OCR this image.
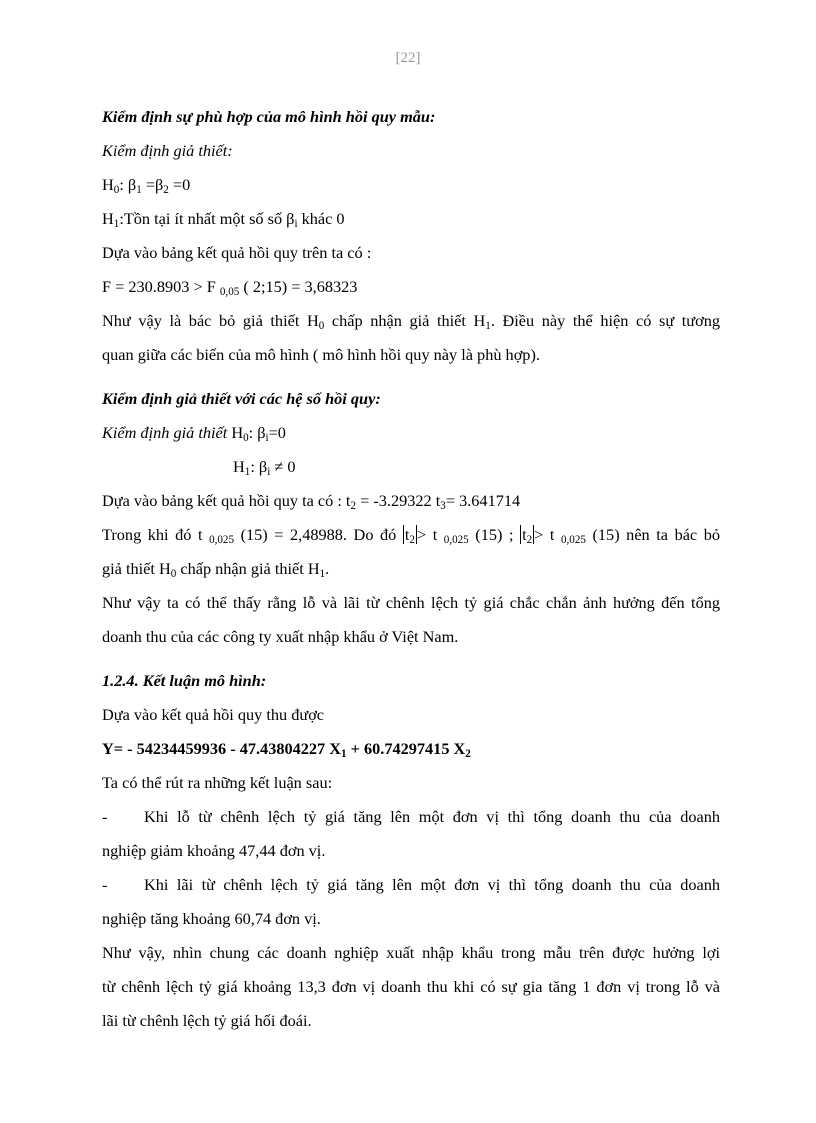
[22]
Kiểm định sự phù hợp của mô hình hồi quy mẫu:
Kiểm định giả thiết:
$H_0$: $\beta_1 =\beta_2 =0$
$H_1:Tồn$ tại ít nhất một số số $\beta_i$ khác 0
Dựa vào bảng kết quả hồi quy trên ta có :
F = 230.8903 > F $_{0,05}$ ( 2;15) = 3,68323
Như vậy là bác bỏ giả thiết $H_0$ chấp nhận giả thiết $H_1$. Điều này thể hiện có sự tương
quan giữa các biến của mô hình ( mô hình hồi quy này là phù hợp).
Kiểm định giả thiết với các hệ số hồi quy:
Kiểm định giả thiết $H_0$: $\beta_i=0$
$H_1$: $\beta_i \ne 0$
Dựa vào bảng kết quả hồi quy ta có : $t_2 = -3.29322$ $t_3= 3.641714$
Trong khi đó t $_{0,025}$ (15) = 2,48988. Do đó $t_2 > t$ $_{0,025}$ (15) ; $t_2 > t$ $_{0,025}$ (15) nên ta bác bỏ
giả thiết $H_0$ chấp nhận giả thiết $H_1$.
Như vậy ta có thể thấy rằng lỗ và lãi từ chênh lệch tỷ giá chắc chắn ảnh hưởng đến tổng
doanh thu của các công ty xuất nhập khẩu ở Việt Nam.
1.2.4. Kết luận mô hình:
Dựa vào kết quả hồi quy thu được
Y= - 54234459936 - 47.43804227 $X_1 + 60.74297415$ $X_2$
Ta có thể rút ra những kết luận sau:
-	Khi lỗ từ chênh lệch tỷ giá tăng lên một đơn vị thì tổng doanh thu của doanh
nghiệp giảm khoảng 47,44 đơn vị.
-	Khi lãi từ chênh lệch tỷ giá tăng lên một đơn vị thì tổng doanh thu của doanh
nghiệp tăng khoảng 60,74 đơn vị.
Như vậy, nhìn chung các doanh nghiệp xuất nhập khẩu trong mẫu trên được hưởng lợi
từ chênh lệch tỷ giá khoảng 13,3 đơn vị doanh thu khi có sự gia tăng 1 đơn vị trong lỗ và
lãi từ chênh lệch tỷ giá hối đoái.
